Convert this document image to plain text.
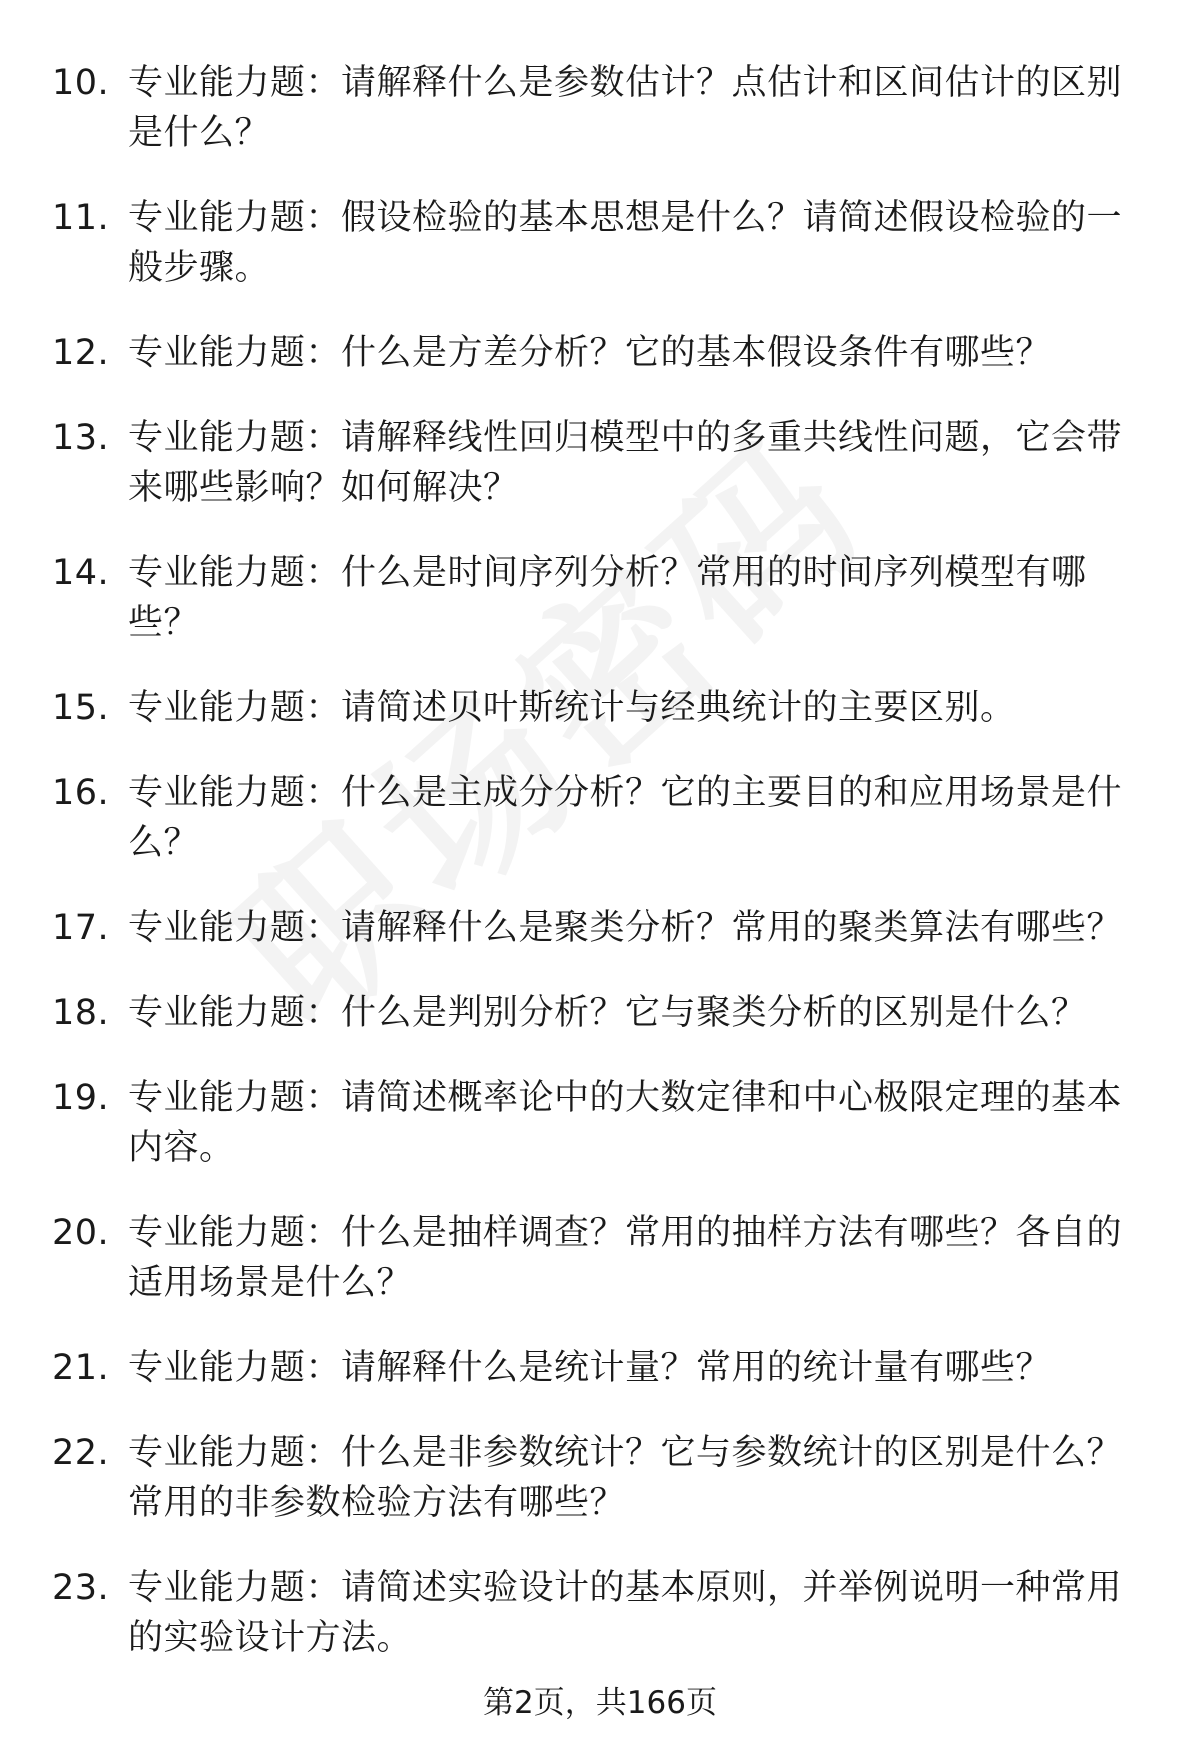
10. 专业能力题：请解释什么是参数估计？点估计和区间估计的区别是什么？
11. 专业能力题：假设检验的基本思想是什么？请简述假设检验的一般步骤。
12. 专业能力题：什么是方差分析？它的基本假设条件有哪些？
13. 专业能力题：请解释线性回归模型中的多重共线性问题，它会带来哪些影响？如何解决？
14. 专业能力题：什么是时间序列分析？常用的时间序列模型有哪些？
15. 专业能力题：请简述贝叶斯统计与经典统计的主要区别。
16. 专业能力题：什么是主成分分析？它的主要目的和应用场景是什么？
17. 专业能力题：请解释什么是聚类分析？常用的聚类算法有哪些？
18. 专业能力题：什么是判别分析？它与聚类分析的区别是什么？
19. 专业能力题：请简述概率论中的大数定律和中心极限定理的基本内容。
20. 专业能力题：什么是抽样调查？常用的抽样方法有哪些？各自的适用场景是什么？
21. 专业能力题：请解释什么是统计量？常用的统计量有哪些？
22. 专业能力题：什么是非参数统计？它与参数统计的区别是什么？常用的非参数检验方法有哪些？
23. 专业能力题：请简述实验设计的基本原则，并举例说明一种常用的实验设计方法。
第2页，共166页
